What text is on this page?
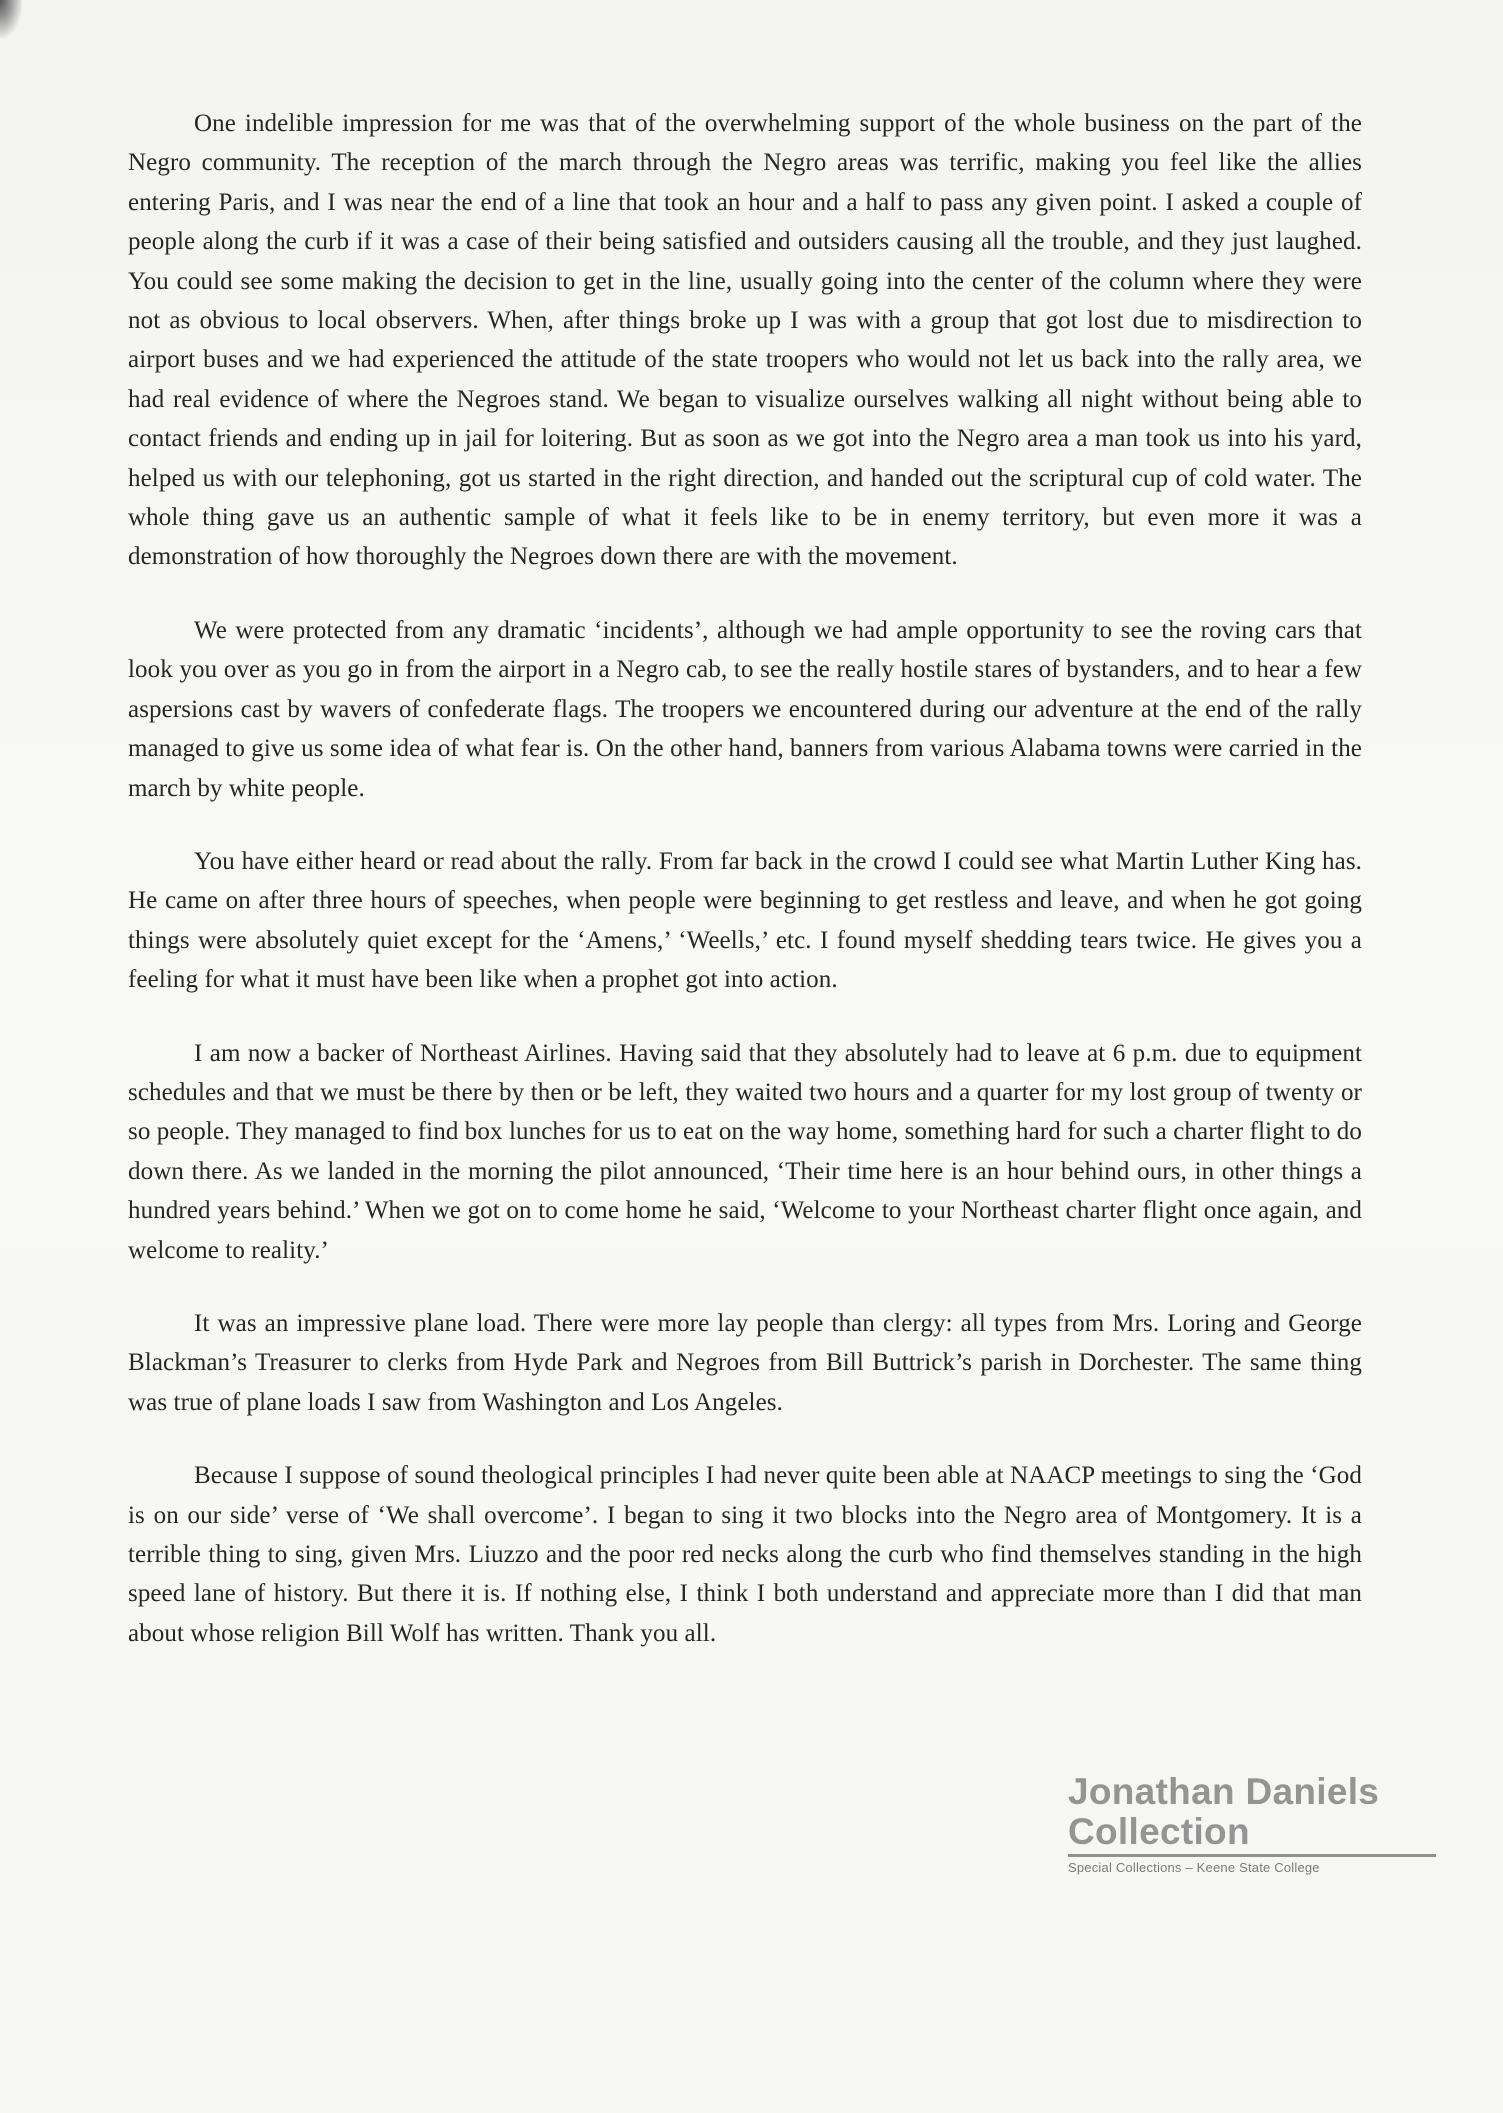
One indelible impression for me was that of the overwhelming support of the whole business on the part of the Negro community. The reception of the march through the Negro areas was terrific, making you feel like the allies entering Paris, and I was near the end of a line that took an hour and a half to pass any given point. I asked a couple of people along the curb if it was a case of their being satisfied and outsiders causing all the trouble, and they just laughed. You could see some making the decision to get in the line, usually going into the center of the column where they were not as obvious to local observers. When, after things broke up I was with a group that got lost due to misdirection to airport buses and we had experienced the attitude of the state troopers who would not let us back into the rally area, we had real evidence of where the Negroes stand. We began to visualize ourselves walking all night without being able to contact friends and ending up in jail for loitering. But as soon as we got into the Negro area a man took us into his yard, helped us with our telephoning, got us started in the right direction, and handed out the scriptural cup of cold water. The whole thing gave us an authentic sample of what it feels like to be in enemy territory, but even more it was a demonstration of how thoroughly the Negroes down there are with the movement.

We were protected from any dramatic ‘incidents’, although we had ample opportunity to see the roving cars that look you over as you go in from the airport in a Negro cab, to see the really hostile stares of bystanders, and to hear a few aspersions cast by wavers of confederate flags. The troopers we encountered during our adventure at the end of the rally managed to give us some idea of what fear is. On the other hand, banners from various Alabama towns were carried in the march by white people.

You have either heard or read about the rally. From far back in the crowd I could see what Martin Luther King has. He came on after three hours of speeches, when people were beginning to get restless and leave, and when he got going things were absolutely quiet except for the ‘Amens,’ ‘Weells,’ etc. I found myself shedding tears twice. He gives you a feeling for what it must have been like when a prophet got into action.

I am now a backer of Northeast Airlines. Having said that they absolutely had to leave at 6 p.m. due to equipment schedules and that we must be there by then or be left, they waited two hours and a quarter for my lost group of twenty or so people. They managed to find box lunches for us to eat on the way home, something hard for such a charter flight to do down there. As we landed in the morning the pilot announced, ‘Their time here is an hour behind ours, in other things a hundred years behind.’ When we got on to come home he said, ‘Welcome to your Northeast charter flight once again, and welcome to reality.’

It was an impressive plane load. There were more lay people than clergy: all types from Mrs. Loring and George Blackman’s Treasurer to clerks from Hyde Park and Negroes from Bill Buttrick’s parish in Dorchester. The same thing was true of plane loads I saw from Washington and Los Angeles.

Because I suppose of sound theological principles I had never quite been able at NAACP meetings to sing the ‘God is on our side’ verse of ‘We shall overcome’. I began to sing it two blocks into the Negro area of Montgomery. It is a terrible thing to sing, given Mrs. Liuzzo and the poor red necks along the curb who find themselves standing in the high speed lane of history. But there it is. If nothing else, I think I both understand and appreciate more than I did that man about whose religion Bill Wolf has written. Thank you all.

Jonathan Daniels
Collection
Special Collections – Keene State College
